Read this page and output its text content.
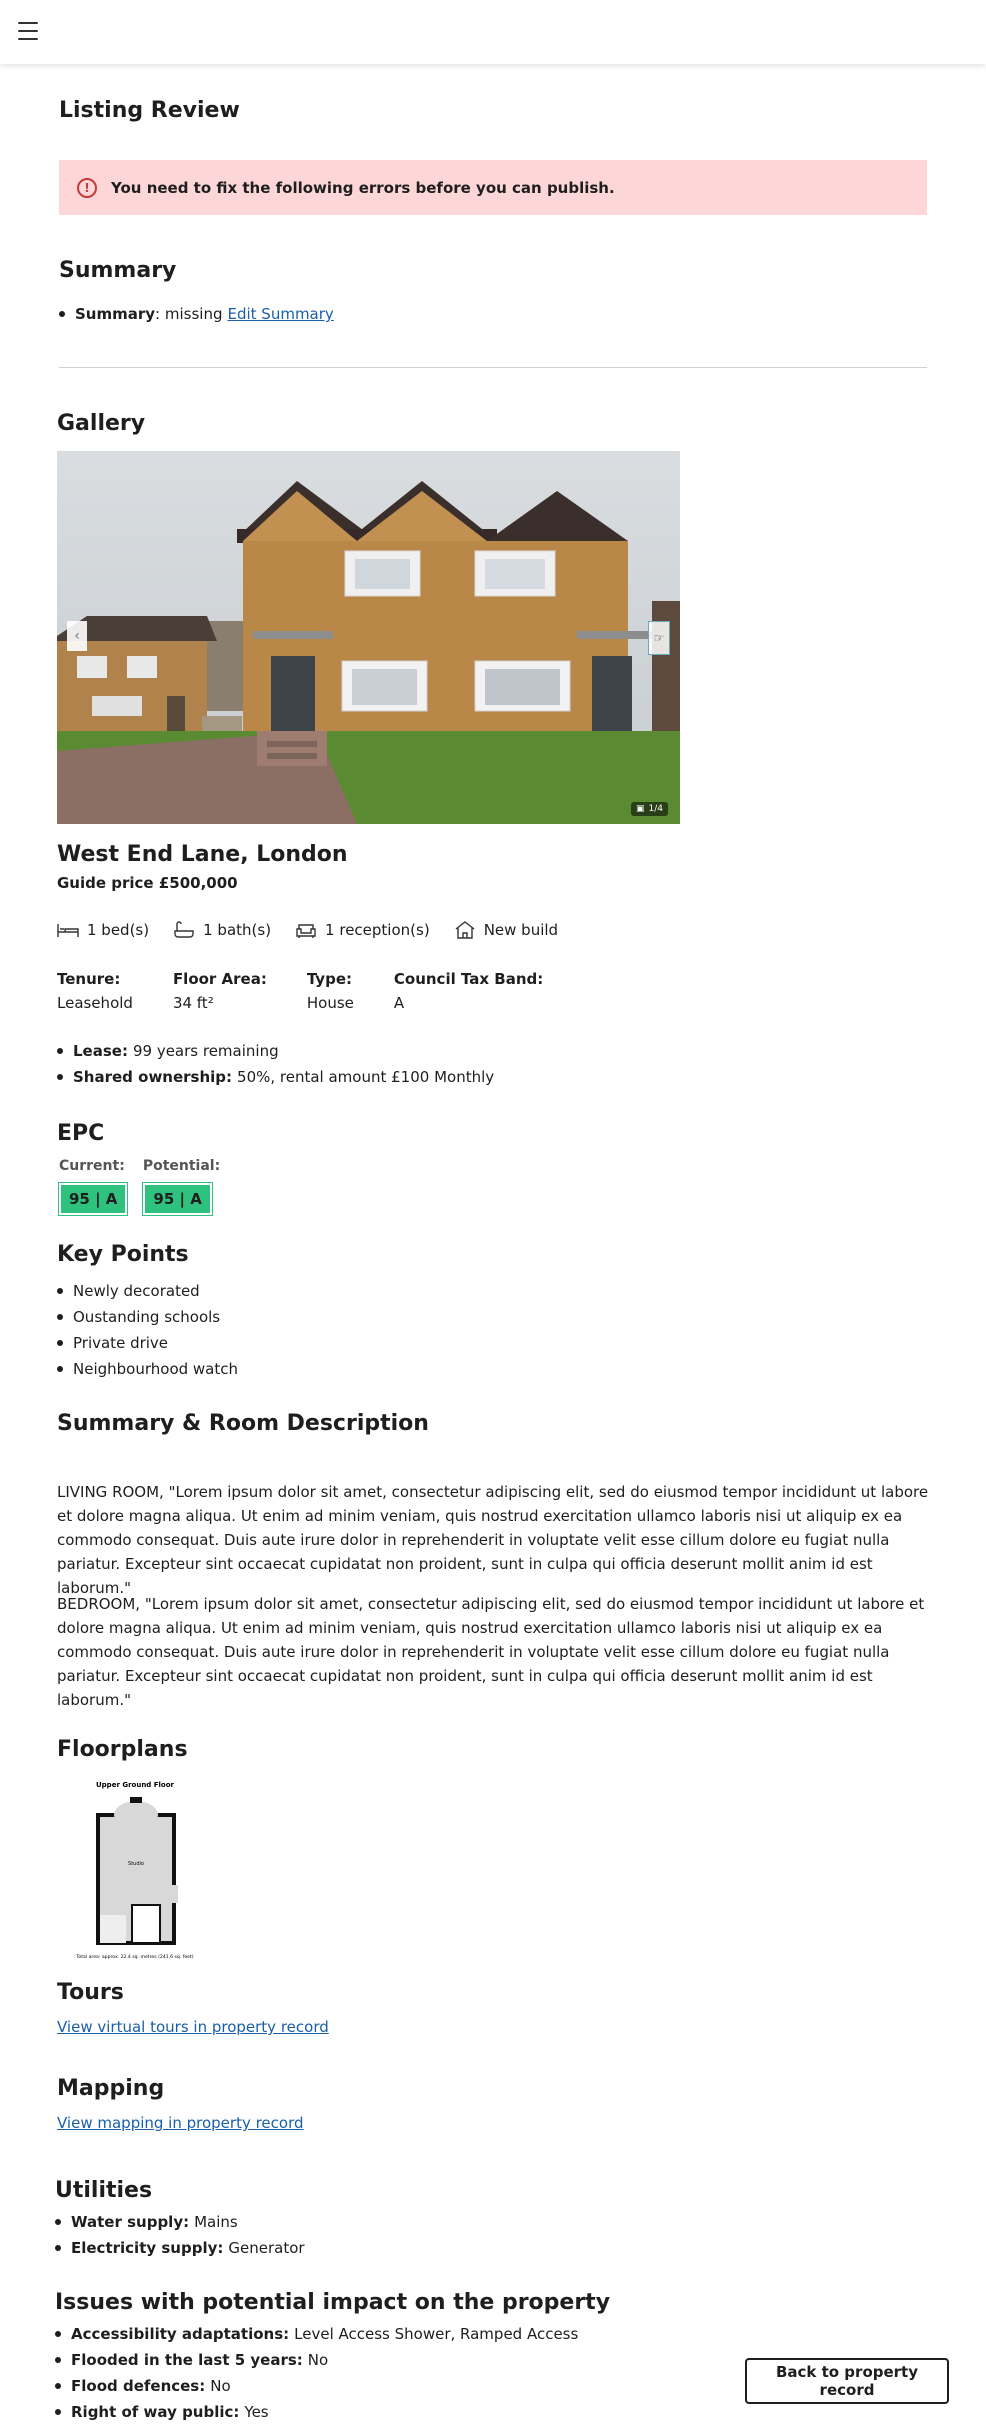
Listing Review
!	You need to fix the following errors before you can publish.
Summary
Summary : missing Edit Summary
Gallery
‹	☞
▣ 1/4
West End Lane, London
Guide price £500,000
1 bed(s)	1 bath(s)	1 reception(s)	New build
Tenure:
Leasehold
Floor Area:
34 ft²
Type:
House
Council Tax Band:
A
Lease: 99 years remaining
Shared ownership: 50%, rental amount £100 Monthly
EPC
Current: Potential:
95 | A	95 | A
Key Points
Newly decorated
Oustanding schools
Private drive
Neighbourhood watch
Summary & Room Description

LIVING ROOM, "Lorem ipsum dolor sit amet, consectetur adipiscing elit, sed do eiusmod tempor incididunt ut labore et dolore magna aliqua. Ut enim ad minim veniam, quis nostrud exercitation ullamco laboris nisi ut aliquip ex ea commodo consequat. Duis aute irure dolor in reprehenderit in voluptate velit esse cillum dolore eu fugiat nulla pariatur. Excepteur sint occaecat cupidatat non proident, sunt in culpa qui officia deserunt mollit anim id est laborum."

BEDROOM, "Lorem ipsum dolor sit amet, consectetur adipiscing elit, sed do eiusmod tempor incididunt ut labore et dolore magna aliqua. Ut enim ad minim veniam, quis nostrud exercitation ullamco laboris nisi ut aliquip ex ea commodo consequat. Duis aute irure dolor in reprehenderit in voluptate velit esse cillum dolore eu fugiat nulla pariatur. Excepteur sint occaecat cupidatat non proident, sunt in culpa qui officia deserunt mollit anim id est laborum."

Floorplans
Upper Ground Floor
Studio
Total area: approx. 22.4 sq. metres (241.6 sq. feet)
Tours
View virtual tours in property record
Mapping
View mapping in property record
Utilities
Water supply: Mains
Electricity supply: Generator
Issues with potential impact on the property
Accessibility adaptations: Level Access Shower, Ramped Access
Flooded in the last 5 years: No
Flood defences: No
Right of way public: Yes
Back to property record
